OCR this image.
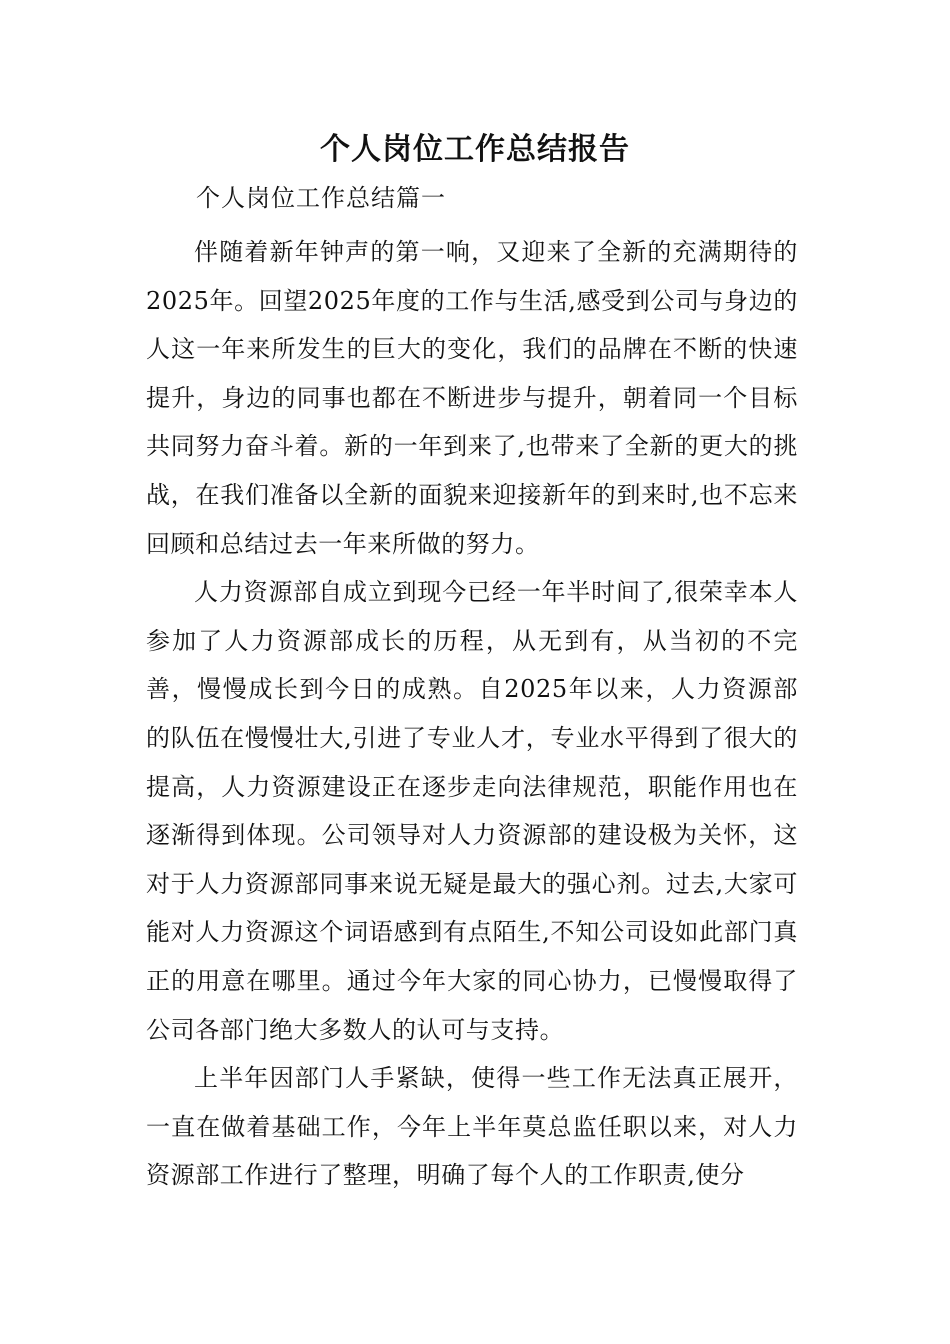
个人岗位工作总结报告
个人岗位工作总结篇一

伴随着新年钟声的第一响，又迎来了全新的充满期待的2025年。回望2025年度的工作与生活,感受到公司与身边的人这一年来所发生的巨大的变化，我们的品牌在不断的快速提升，身边的同事也都在不断进步与提升，朝着同一个目标共同努力奋斗着。新的一年到来了,也带来了全新的更大的挑战，在我们准备以全新的面貌来迎接新年的到来时,也不忘来回顾和总结过去一年来所做的努力。

人力资源部自成立到现今已经一年半时间了,很荣幸本人参加了人力资源部成长的历程，从无到有，从当初的不完善，慢慢成长到今日的成熟。自2025年以来，人力资源部的队伍在慢慢壮大,引进了专业人才，专业水平得到了很大的提高，人力资源建设正在逐步走向法律规范，职能作用也在逐渐得到体现。公司领导对人力资源部的建设极为关怀，这对于人力资源部同事来说无疑是最大的强心剂。过去,大家可能对人力资源这个词语感到有点陌生,不知公司设如此部门真正的用意在哪里。通过今年大家的同心协力，已慢慢取得了公司各部门绝大多数人的认可与支持。

上半年因部门人手紧缺，使得一些工作无法真正展开，一直在做着基础工作，今年上半年莫总监任职以来，对人力资源部工作进行了整理，明确了每个人的工作职责,使分
